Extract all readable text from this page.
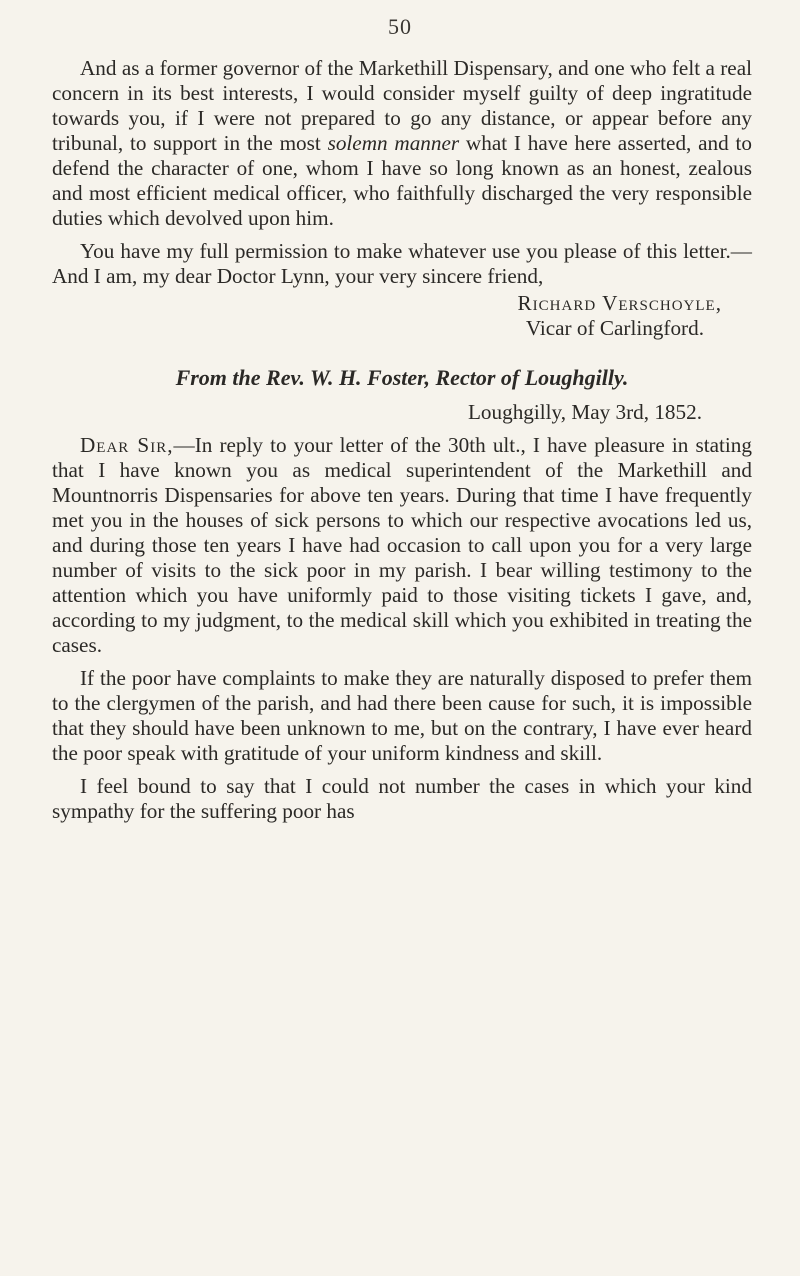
50

And as a former governor of the Markethill Dispensary, and one who felt a real concern in its best interests, I would consider myself guilty of deep ingratitude towards you, if I were not prepared to go any distance, or appear before any tribunal, to support in the most solemn manner what I have here asserted, and to defend the character of one, whom I have so long known as an honest, zealous and most efficient medical officer, who faithfully discharged the very responsible duties which devolved upon him.

You have my full permission to make whatever use you please of this letter.—And I am, my dear Doctor Lynn, your very sincere friend,

Richard Verschoyle,
Vicar of Carlingford.
From the Rev. W. H. Foster, Rector of Loughgilly.
Loughgilly, May 3rd, 1852.

Dear Sir,—In reply to your letter of the 30th ult., I have pleasure in stating that I have known you as medical superintendent of the Markethill and Mountnorris Dispensaries for above ten years. During that time I have frequently met you in the houses of sick persons to which our respective avocations led us, and during those ten years I have had occasion to call upon you for a very large number of visits to the sick poor in my parish. I bear willing testimony to the attention which you have uniformly paid to those visiting tickets I gave, and, according to my judgment, to the medical skill which you exhibited in treating the cases.

If the poor have complaints to make they are naturally disposed to prefer them to the clergymen of the parish, and had there been cause for such, it is impossible that they should have been unknown to me, but on the contrary, I have ever heard the poor speak with gratitude of your uniform kindness and skill.

I feel bound to say that I could not number the cases in which your kind sympathy for the suffering poor has
